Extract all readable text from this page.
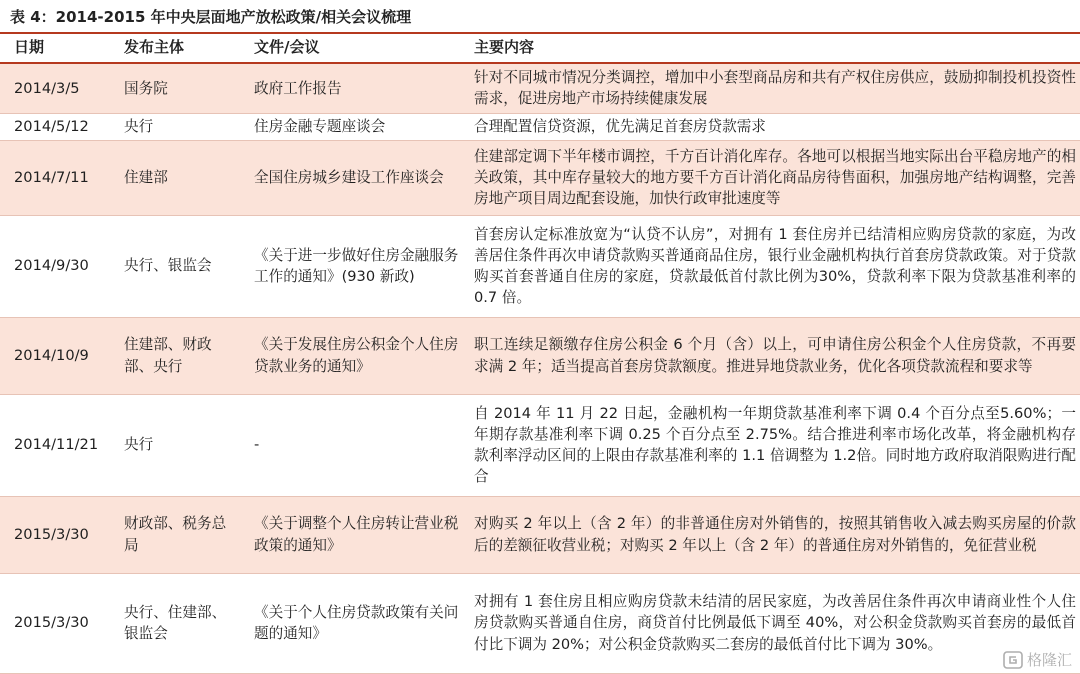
表 4：2014-2015 年中央层面地产放松政策/相关会议梳理
日期	发布主体	文件/会议	主要内容
2014/3/5	国务院	政府工作报告	针对不同城市情况分类调控，增加中小套型商品房和共有产权住房供应，鼓励抑制投机投资性需求，促进房地产市场持续健康发展
2014/5/12	央行	住房金融专题座谈会	合理配置信贷资源，优先满足首套房贷款需求
2014/7/11	住建部	全国住房城乡建设工作座谈会	住建部定调下半年楼市调控，千方百计消化库存。各地可以根据当地实际出台平稳房地产的相关政策，其中库存量较大的地方要千方百计消化商品房待售面积，加强房地产结构调整，完善房地产项目周边配套设施，加快行政审批速度等
2014/9/30	央行、银监会	《关于进一步做好住房金融服务工作的通知》(930 新政)	首套房认定标准放宽为“认贷不认房”，对拥有 1 套住房并已结清相应购房贷款的家庭，为改善居住条件再次申请贷款购买普通商品住房，银行业金融机构执行首套房贷款政策。对于贷款购买首套普通自住房的家庭，贷款最低首付款比例为30%，贷款利率下限为贷款基准利率的 0.7 倍。
2014/10/9	住建部、财政部、央行	《关于发展住房公积金个人住房贷款业务的通知》	职工连续足额缴存住房公积金 6 个月（含）以上，可申请住房公积金个人住房贷款，不再要求满 2 年；适当提高首套房贷款额度。推进异地贷款业务，优化各项贷款流程和要求等
2014/11/21	央行	-	自 2014 年 11 月 22 日起，金融机构一年期贷款基准利率下调 0.4 个百分点至5.60%；一年期存款基准利率下调 0.25 个百分点至 2.75%。结合推进利率市场化改革，将金融机构存款利率浮动区间的上限由存款基准利率的 1.1 倍调整为 1.2倍。同时地方政府取消限购进行配合
2015/3/30	财政部、税务总局	《关于调整个人住房转让营业税政策的通知》	对购买 2 年以上（含 2 年）的非普通住房对外销售的，按照其销售收入减去购买房屋的价款后的差额征收营业税；对购买 2 年以上（含 2 年）的普通住房对外销售的，免征营业税
2015/3/30	央行、住建部、银监会	《关于个人住房贷款政策有关问题的通知》	对拥有 1 套住房且相应购房贷款未结清的居民家庭，为改善居住条件再次申请商业性个人住房贷款购买普通自住房，商贷首付比例最低下调至 40%，对公积金贷款购买首套房的最低首付比下调为 20%；对公积金贷款购买二套房的最低首付比下调为 30%。
格隆汇
